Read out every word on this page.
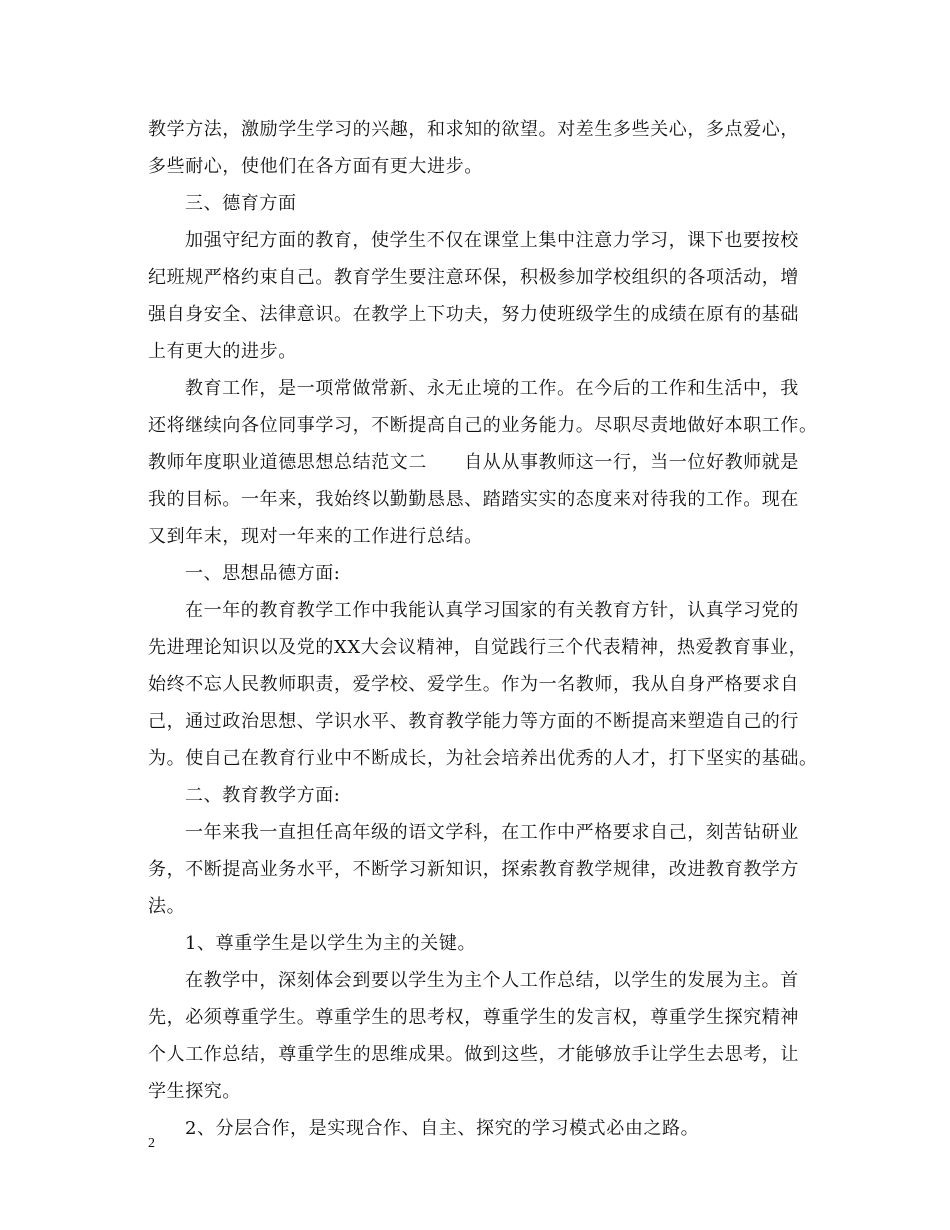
教学方法，激励学生学习的兴趣，和求知的欲望。对差生多些关心，多点爱心，
多些耐心，使他们在各方面有更大进步。
三、德育方面
加强守纪方面的教育，使学生不仅在课堂上集中注意力学习，课下也要按校
纪班规严格约束自己。教育学生要注意环保，积极参加学校组织的各项活动，增
强自身安全、法律意识。在教学上下功夫，努力使班级学生的成绩在原有的基础
上有更大的进步。
教育工作，是一项常做常新、永无止境的工作。在今后的工作和生活中，我
还将继续向各位同事学习，不断提高自己的业务能力。尽职尽责地做好本职工作。
教师年度职业道德思想总结范文二　　自从从事教师这一行，当一位好教师就是
我的目标。一年来，我始终以勤勤恳恳、踏踏实实的态度来对待我的工作。现在
又到年末，现对一年来的工作进行总结。
一、思想品德方面:
在一年的教育教学工作中我能认真学习国家的有关教育方针，认真学习党的
先进理论知识以及党的XX大会议精神，自觉践行三个代表精神，热爱教育事业，
始终不忘人民教师职责，爱学校、爱学生。作为一名教师，我从自身严格要求自
己，通过政治思想、学识水平、教育教学能力等方面的不断提高来塑造自己的行
为。使自己在教育行业中不断成长，为社会培养出优秀的人才，打下坚实的基础。
二、教育教学方面:
一年来我一直担任高年级的语文学科，在工作中严格要求自己，刻苦钻研业
务，不断提高业务水平，不断学习新知识，探索教育教学规律，改进教育教学方
法。
1、尊重学生是以学生为主的关键。
在教学中，深刻体会到要以学生为主个人工作总结，以学生的发展为主。首
先，必须尊重学生。尊重学生的思考权，尊重学生的发言权，尊重学生探究精神
个人工作总结，尊重学生的思维成果。做到这些，才能够放手让学生去思考，让
学生探究。
2、分层合作，是实现合作、自主、探究的学习模式必由之路。
2
